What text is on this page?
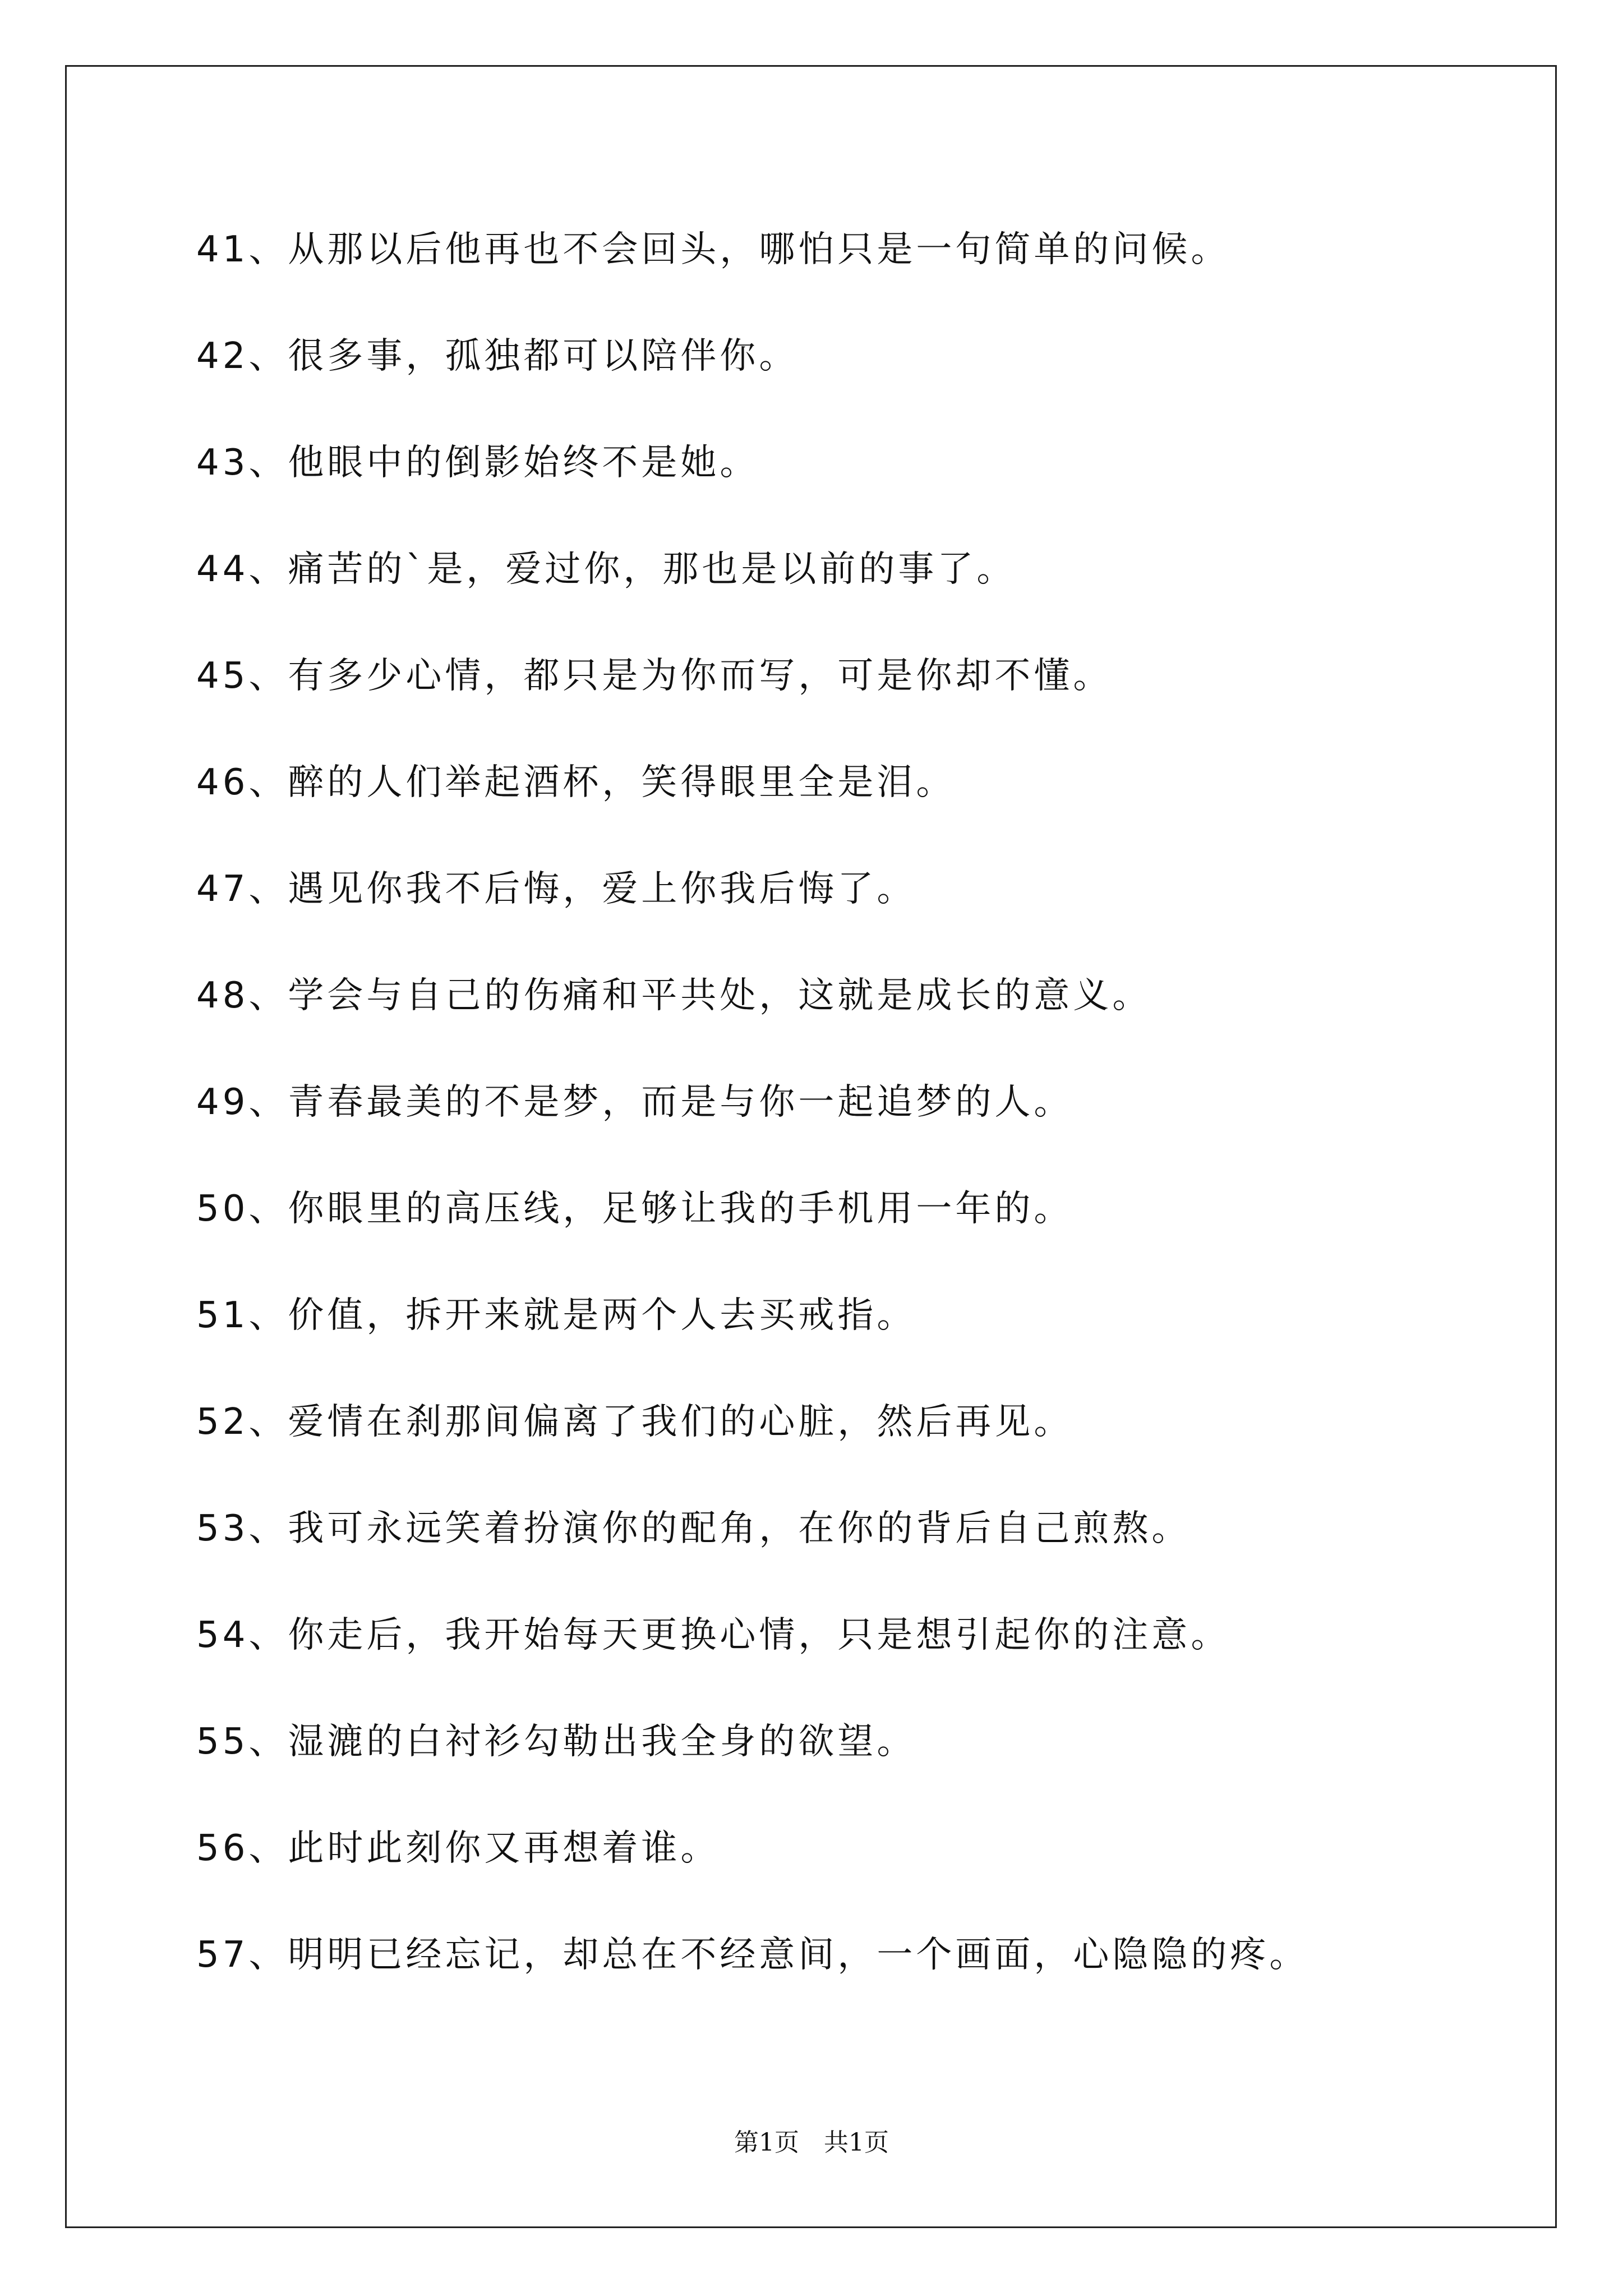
41、从那以后他再也不会回头，哪怕只是一句简单的问候。
42、很多事，孤独都可以陪伴你。
43、他眼中的倒影始终不是她。
44、痛苦的`是，爱过你，那也是以前的事了。
45、有多少心情，都只是为你而写，可是你却不懂。
46、醉的人们举起酒杯，笑得眼里全是泪。
47、遇见你我不后悔，爱上你我后悔了。
48、学会与自己的伤痛和平共处，这就是成长的意义。
49、青春最美的不是梦，而是与你一起追梦的人。
50、你眼里的高压线，足够让我的手机用一年的。
51、价值，拆开来就是两个人去买戒指。
52、爱情在刹那间偏离了我们的心脏，然后再见。
53、我可永远笑着扮演你的配角，在你的背后自己煎熬。
54、你走后，我开始每天更换心情，只是想引起你的注意。
55、湿漉的白衬衫勾勒出我全身的欲望。
56、此时此刻你又再想着谁。
57、明明已经忘记，却总在不经意间，一个画面，心隐隐的疼。
第1页 共1页
